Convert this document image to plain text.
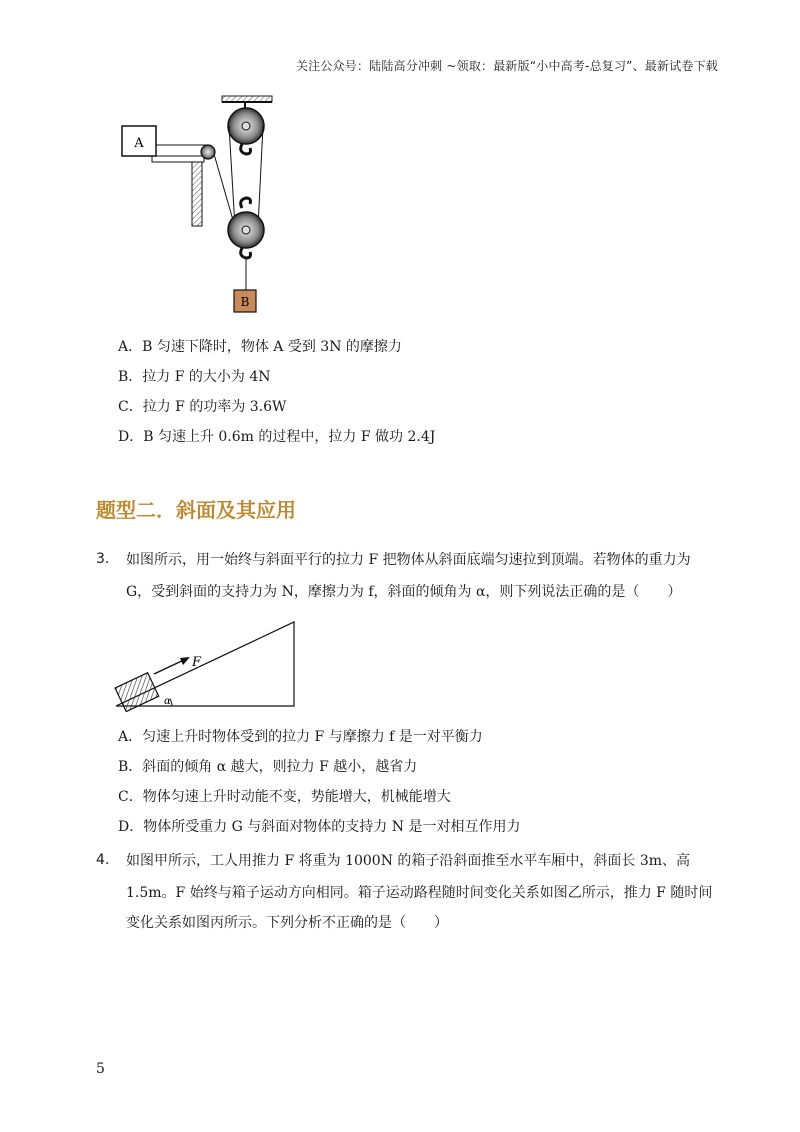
关注公众号：陆陆高分冲刺 ~领取：最新版“小中高考-总复习”、最新试卷下载
A
B
A．B 匀速下降时，物体 A 受到 3N 的摩擦力
B．拉力 F 的大小为 4N
C．拉力 F 的功率为 3.6W
D．B 匀速上升 0.6m 的过程中，拉力 F 做功 2.4J
题型二．斜面及其应用
3. 如图所示，用一始终与斜面平行的拉力 F 把物体从斜面底端匀速拉到顶端。若物体的重力为
G，受到斜面的支持力为 N，摩擦力为 f，斜面的倾角为 α，则下列说法正确的是（　　）
F
α
A．匀速上升时物体受到的拉力 F 与摩擦力 f 是一对平衡力
B．斜面的倾角 α 越大，则拉力 F 越小，越省力
C．物体匀速上升时动能不变，势能增大，机械能增大
D．物体所受重力 G 与斜面对物体的支持力 N 是一对相互作用力
4. 如图甲所示，工人用推力 F 将重为 1000N 的箱子沿斜面推至水平车厢中，斜面长 3m、高
1.5m。F 始终与箱子运动方向相同。箱子运动路程随时间变化关系如图乙所示，推力 F 随时间
变化关系如图丙所示。下列分析不正确的是（　　）
5
